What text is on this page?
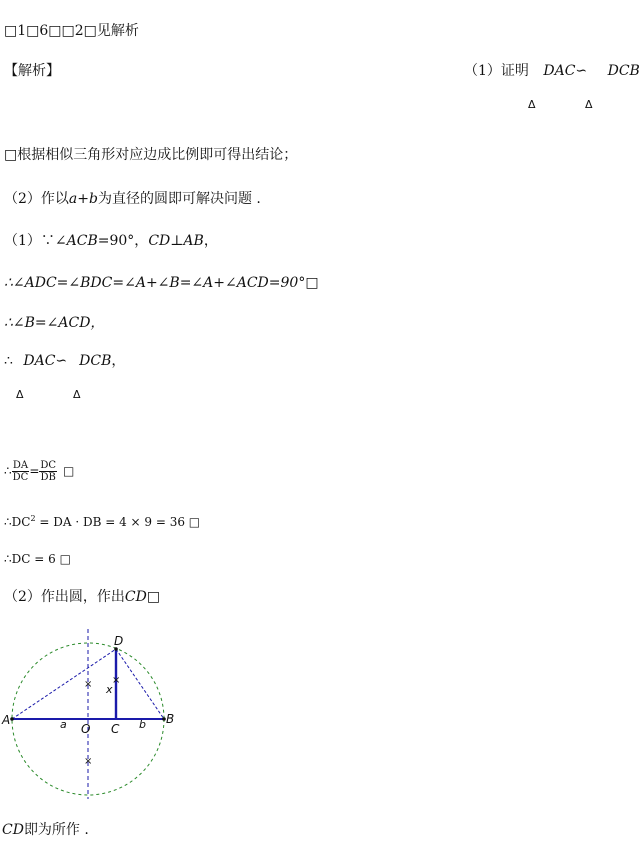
□1□6□□2□见解析
【解析】	（1）证明 DAC∽ DCB
Δ	Δ
□根据相似三角形对应边成比例即可得出结论；
（2）作以a+b为直径的圆即可解决问题 .
（1）∵∠ACB=90°，CD⊥AB，
∴∠ADC=∠BDC=∠A+∠B=∠A+∠ACD=90°□
∴∠B=∠ACD，
∴ DAC∽ DCB，
Δ	Δ
∴ $\frac{DA}{DC} = \frac{DC}{DB}$ □
$\therefore DC^2$ = DA · DB = 4 × 9 = 36 □
∴DC = 6 □
（2）作出圆，作出CD□
A	B
C
D
O
a	b
x
× ×
×
CD即为所作 .
